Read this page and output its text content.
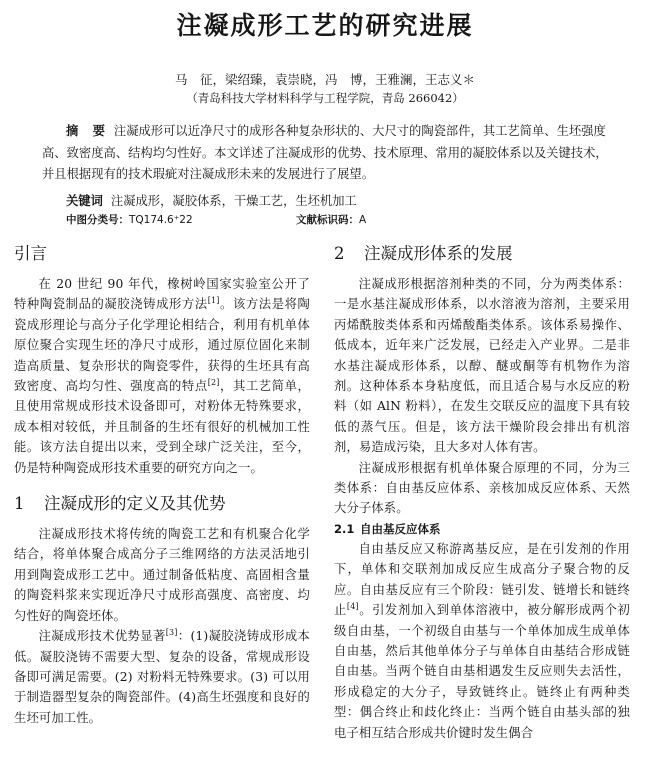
注凝成形工艺的研究进展
马　征，梁绍臻，袁崇晓，冯　博，王雅澜，王志义＊
（青岛科技大学材料科学与工程学院，青岛 266042）
摘　要 注凝成形可以近净尺寸的成形各种复杂形状的、大尺寸的陶瓷部件，其工艺简单、生坯强度高、致密度高、结构均匀性好。本文详述了注凝成形的优势、技术原理、常用的凝胶体系以及关键技术，并且根据现有的技术瑕疵对注凝成形未来的发展进行了展望。
关键词 注凝成形，凝胶体系，干燥工艺，生坯机加工
中图分类号：TQ174.6⁺22	文献标识码：A
引言

在 20 世纪 90 年代，橡树岭国家实验室公开了特种陶瓷制品的凝胶浇铸成形方法[1]。该方法是将陶瓷成形理论与高分子化学理论相结合，利用有机单体原位聚合实现生坯的净尺寸成形，通过原位固化来制造高质量、复杂形状的陶瓷零件，获得的生坯具有高致密度、高均匀性、强度高的特点[2]，其工艺简单，且使用常规成形技术设备即可，对粉体无特殊要求，成本相对较低，并且制备的生坯有很好的机械加工性能。该方法自提出以来，受到全球广泛关注，至今，仍是特种陶瓷成形技术重要的研究方向之一。

1 注凝成形的定义及其优势

注凝成形技术将传统的陶瓷工艺和有机聚合化学结合，将单体聚合成高分子三维网络的方法灵活地引用到陶瓷成形工艺中。通过制备低粘度、高固相含量的陶瓷料浆来实现近净尺寸成形高强度、高密度、均匀性好的陶瓷坯体。

注凝成形技术优势显著[3]：(1)凝胶浇铸成形成本低。凝胶浇铸不需要大型、复杂的设备，常规成形设备即可满足需要。(2) 对粉料无特殊要求。(3) 可以用于制造器型复杂的陶瓷部件。(4)高生坯强度和良好的生坯可加工性。

2 注凝成形体系的发展

注凝成形根据溶剂种类的不同，分为两类体系：一是水基注凝成形体系，以水溶液为溶剂，主要采用丙烯酰胺类体系和丙烯酸酯类体系。该体系易操作、低成本，近年来广泛发展，已经走入产业界。二是非水基注凝成形体系，以醇、醚或酮等有机物作为溶剂。这种体系本身粘度低，而且适合易与水反应的粉料（如 AlN 粉料），在发生交联反应的温度下具有较低的蒸气压。但是，该方法干燥阶段会排出有机溶剂，易造成污染，且大多对人体有害。

注凝成形根据有机单体聚合原理的不同，分为三类体系：自由基反应体系、亲核加成反应体系、天然大分子体系。

2.1 自由基反应体系

自由基反应又称游离基反应，是在引发剂的作用下，单体和交联剂加成反应生成高分子聚合物的反应。自由基反应有三个阶段：链引发、链增长和链终止[4]。引发剂加入到单体溶液中，被分解形成两个初级自由基，一个初级自由基与一个单体加成生成单体自由基，然后其他单体分子与单体自由基结合形成链自由基。当两个链自由基相遇发生反应则失去活性，形成稳定的大分子，导致链终止。链终止有两种类型：偶合终止和歧化终止：当两个链自由基头部的独电子相互结合形成共价键时发生偶合
